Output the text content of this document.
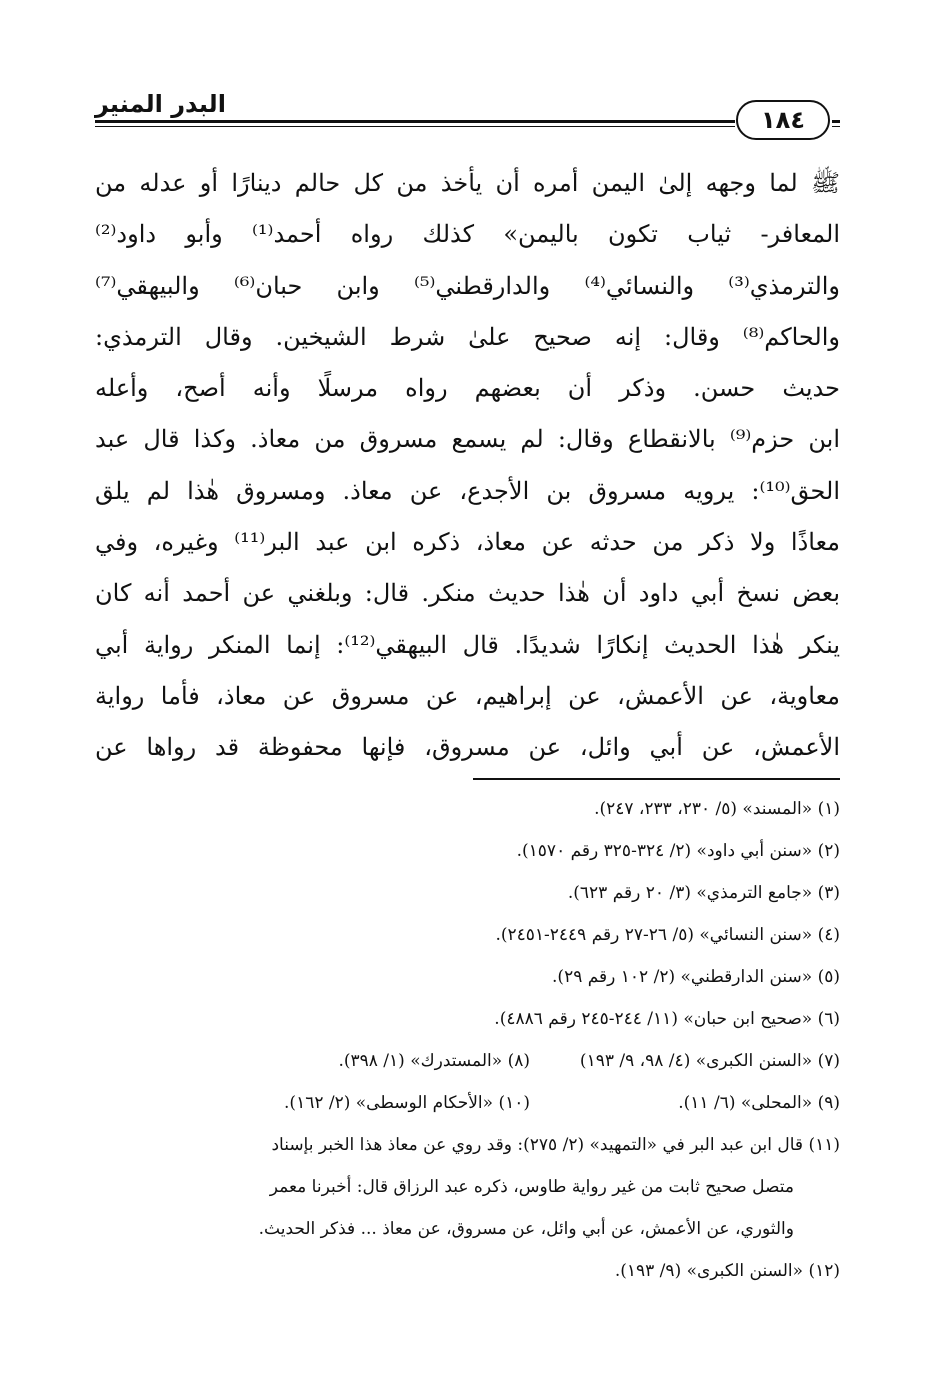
البدر المنير
١٨٤
ﷺ لما وجهه إلىٰ اليمن أمره أن يأخذ من كل حالم دينارًا أو عدله من
المعافر- ثياب تكون باليمن» كذلك رواه أحمد⁽¹⁾ وأبو داود⁽²⁾
والترمذي⁽³⁾ والنسائي⁽⁴⁾ والدارقطني⁽⁵⁾ وابن حبان⁽⁶⁾ والبيهقي⁽⁷⁾
والحاكم⁽⁸⁾ وقال: إنه صحيح علىٰ شرط الشيخين. وقال الترمذي:
حديث حسن. وذكر أن بعضهم رواه مرسلًا وأنه أصح، وأعله
ابن حزم⁽⁹⁾ بالانقطاع وقال: لم يسمع مسروق من معاذ. وكذا قال عبد
الحق⁽¹⁰⁾: يرويه مسروق بن الأجدع، عن معاذ. ومسروق هٰذا لم يلق
معاذًا ولا ذكر من حدثه عن معاذ، ذكره ابن عبد البر⁽¹¹⁾ وغيره، وفي
بعض نسخ أبي داود أن هٰذا حديث منكر. قال: وبلغني عن أحمد أنه كان
ينكر هٰذا الحديث إنكارًا شديدًا. قال البيهقي⁽¹²⁾: إنما المنكر رواية أبي
معاوية، عن الأعمش، عن إبراهيم، عن مسروق عن معاذ، فأما رواية
الأعمش، عن أبي وائل، عن مسروق، فإنها محفوظة قد رواها عن
(١) «المسند» (٥/ ٢٣٠، ٢٣٣، ٢٤٧).
(٢) «سنن أبي داود» (٢/ ٣٢٤-٣٢٥ رقم ١٥٧٠).
(٣) «جامع الترمذي» (٣/ ٢٠ رقم ٦٢٣).
(٤) «سنن النسائي» (٥/ ٢٦-٢٧ رقم ٢٤٤٩-٢٤٥١).
(٥) «سنن الدارقطني» (٢/ ١٠٢ رقم ٢٩).
(٦) «صحيح ابن حبان» (١١/ ٢٤٤-٢٤٥ رقم ٤٨٨٦).
(٧) «السنن الكبرى» (٤/ ٩٨، ٩/ ١٩٣)
(٨) «المستدرك» (١/ ٣٩٨).
(٩) «المحلى» (٦/ ١١).
(١٠) «الأحكام الوسطى» (٢/ ١٦٢).
(١١) قال ابن عبد البر في «التمهيد» (٢/ ٢٧٥): وقد روي عن معاذ هذا الخبر بإسناد
متصل صحيح ثابت من غير رواية طاوس، ذكره عبد الرزاق قال: أخبرنا معمر
والثوري، عن الأعمش، عن أبي وائل، عن مسروق، عن معاذ ... فذكر الحديث.
(١٢) «السنن الكبرى» (٩/ ١٩٣).
